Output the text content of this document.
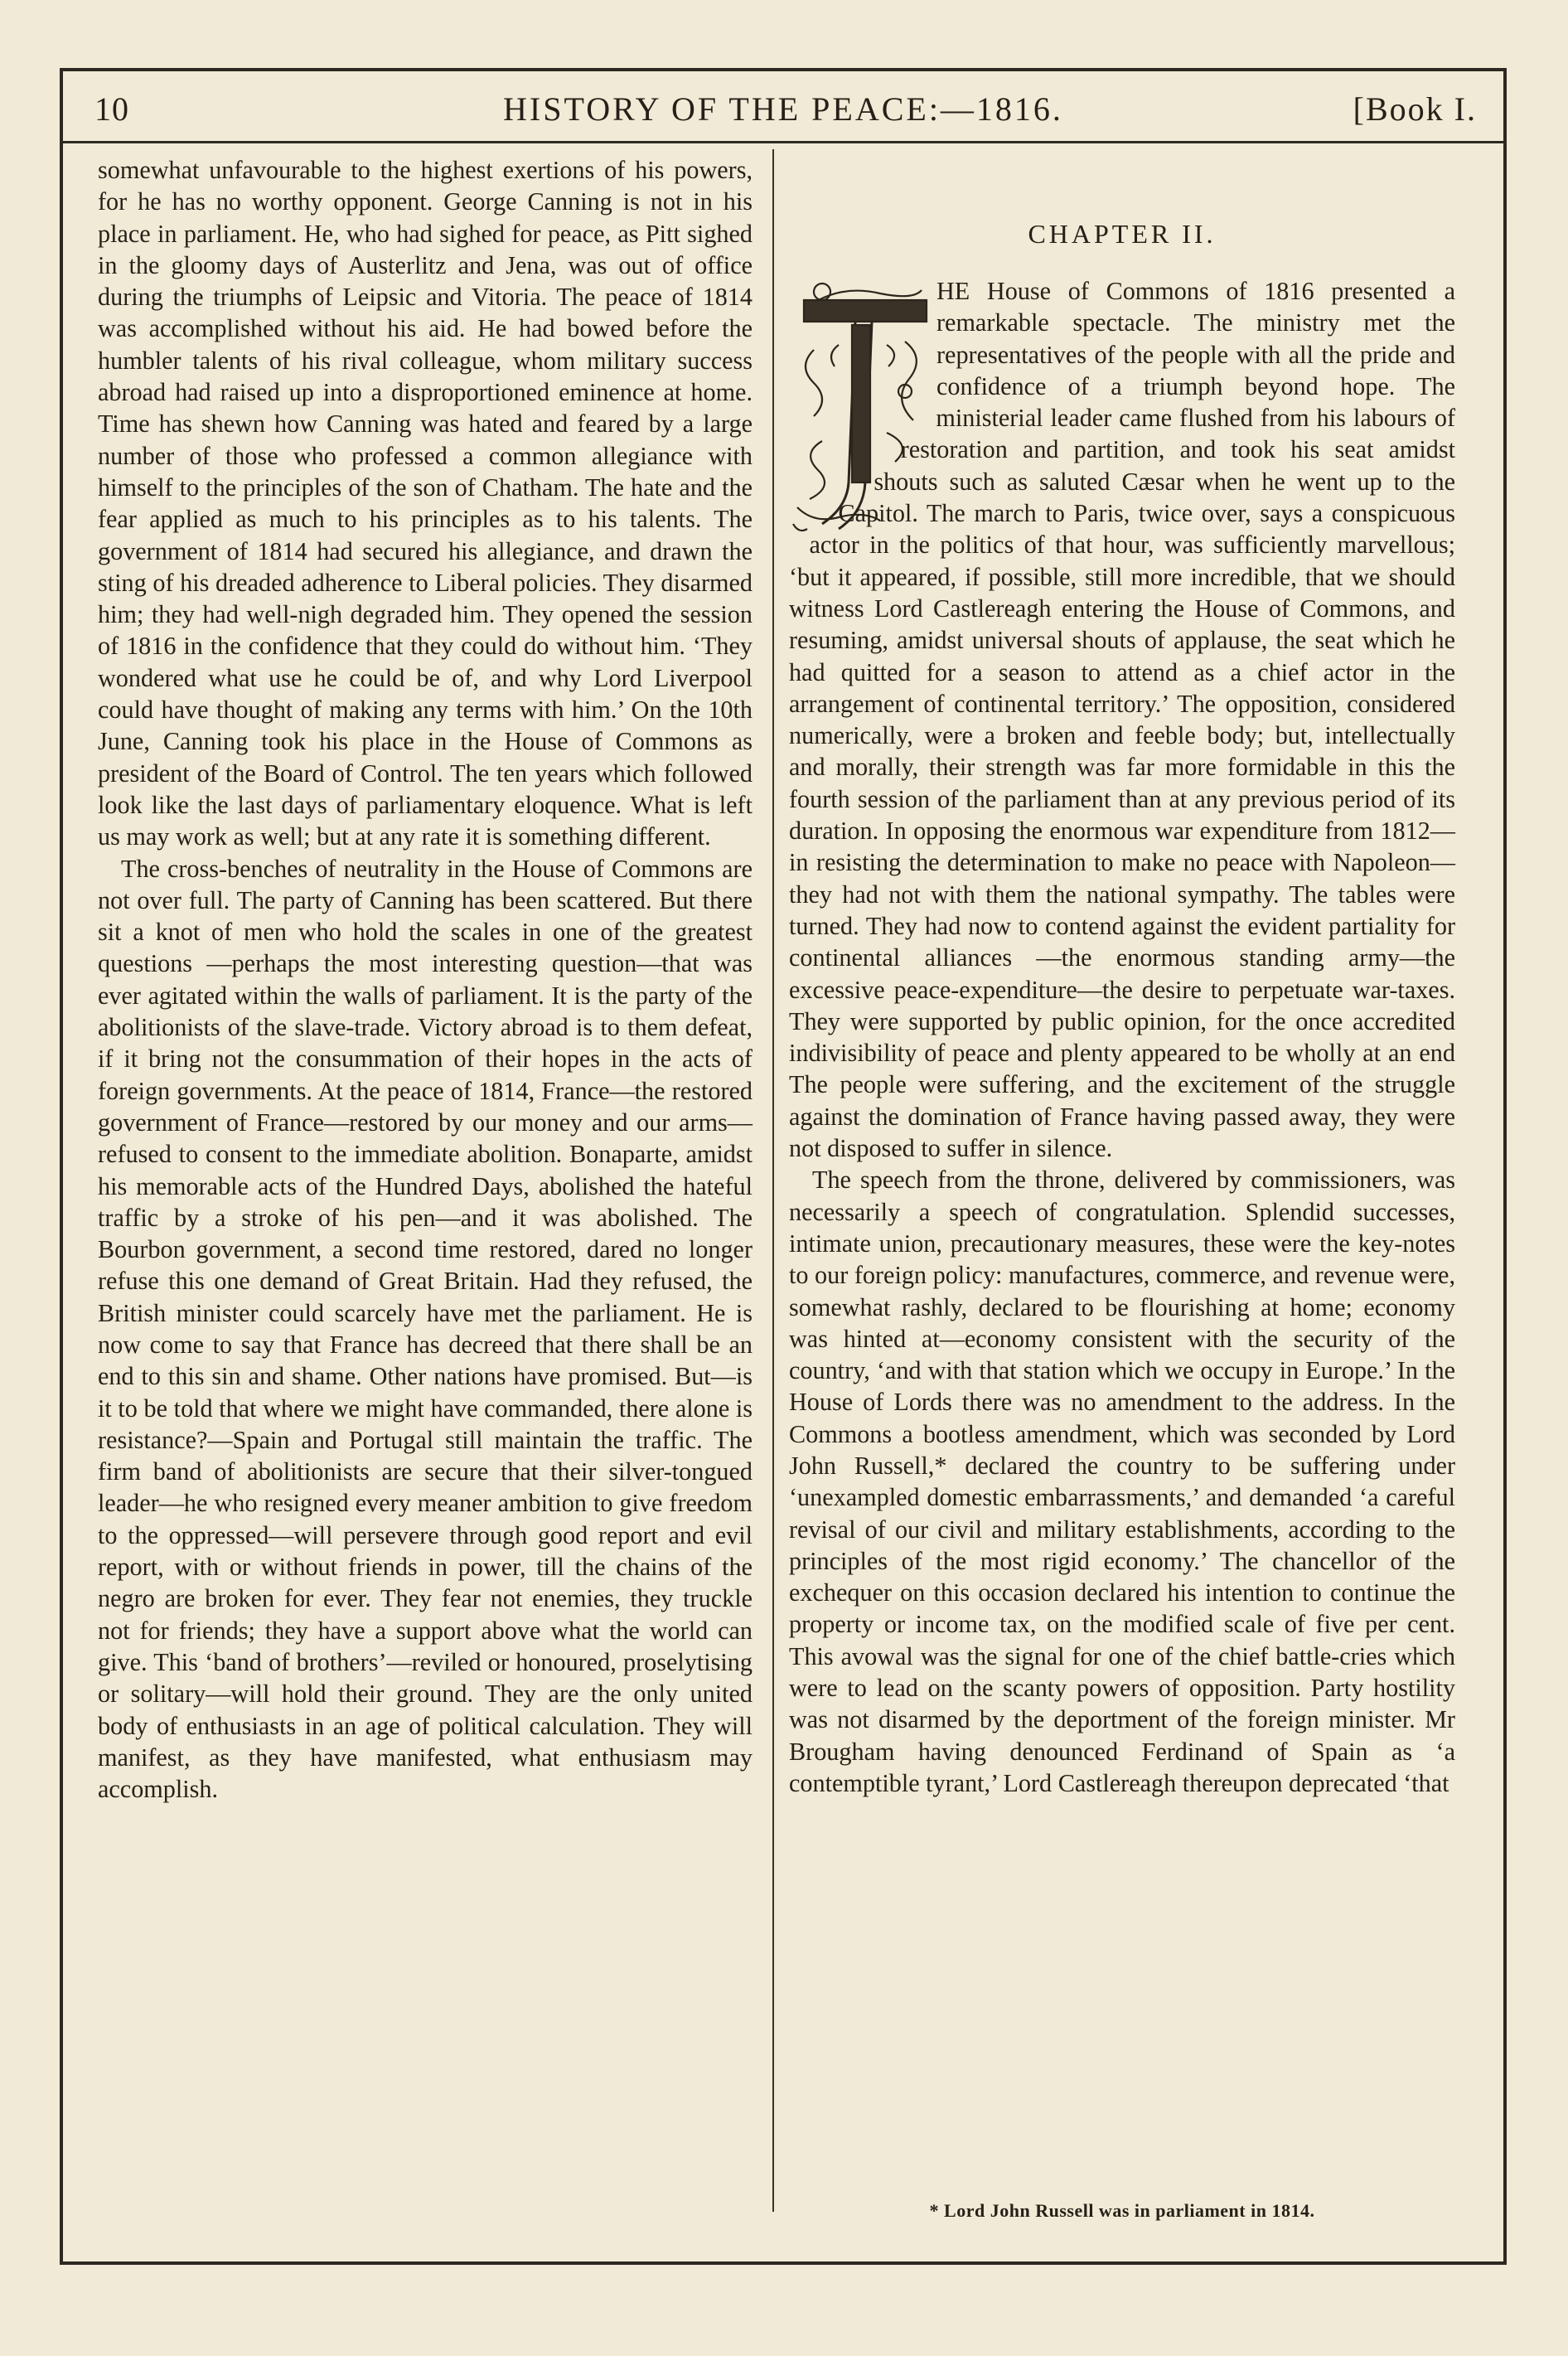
10	HISTORY OF THE PEACE:—1816.	[Book I.

somewhat unfavourable to the highest exertions of his powers, for he has no worthy opponent. George Canning is not in his place in parliament. He, who had sighed for peace, as Pitt sighed in the gloomy days of Austerlitz and Jena, was out of office during the triumphs of Leipsic and Vitoria. The peace of 1814 was accomplished without his aid. He had bowed before the humbler talents of his rival colleague, whom military success abroad had raised up into a disproportioned eminence at home. Time has shewn how Canning was hated and feared by a large number of those who professed a common allegiance with himself to the principles of the son of Chatham. The hate and the fear applied as much to his principles as to his talents. The government of 1814 had secured his allegiance, and drawn the sting of his dreaded adherence to Liberal policies. They disarmed him; they had well-nigh degraded him. They opened the session of 1816 in the confidence that they could do without him. ‘They wondered what use he could be of, and why Lord Liverpool could have thought of making any terms with him.’ On the 10th June, Canning took his place in the House of Commons as president of the Board of Control. The ten years which followed look like the last days of parliamentary eloquence. What is left us may work as well; but at any rate it is something different.

The cross-benches of neutrality in the House of Commons are not over full. The party of Canning has been scattered. But there sit a knot of men who hold the scales in one of the greatest questions —perhaps the most interesting question—that was ever agitated within the walls of parliament. It is the party of the abolitionists of the slave-trade. Victory abroad is to them defeat, if it bring not the consummation of their hopes in the acts of foreign governments. At the peace of 1814, France—the restored government of France—restored by our money and our arms—refused to consent to the immediate abolition. Bonaparte, amidst his memorable acts of the Hundred Days, abolished the hateful traffic by a stroke of his pen—and it was abolished. The Bourbon government, a second time restored, dared no longer refuse this one demand of Great Britain. Had they refused, the British minister could scarcely have met the parliament. He is now come to say that France has decreed that there shall be an end to this sin and shame. Other nations have promised. But—is it to be told that where we might have commanded, there alone is resistance?—Spain and Portugal still maintain the traffic. The firm band of abolitionists are secure that their silver-tongued leader—he who resigned every meaner ambition to give freedom to the oppressed—will persevere through good report and evil report, with or without friends in power, till the chains of the negro are broken for ever. They fear not enemies, they truckle not for friends; they have a support above what the world can give. This ‘band of brothers’—reviled or honoured, proselytising or solitary—will hold their ground. They are the only united body of enthusiasts in an age of political calculation. They will manifest, as they have manifested, what enthusiasm may accomplish.

CHAPTER II.

HE House of Commons of 1816 presented a remarkable spectacle. The ministry met the representatives of the people with all the pride and confidence of a triumph beyond hope. The ministerial leader came flushed from his labours of restoration and partition, and took his seat amidst shouts such as saluted Cæsar when he went up to the Capitol. The march to Paris, twice over, says a conspicuous actor in the politics of that hour, was sufficiently marvellous; ‘but it appeared, if possible, still more incredible, that we should witness Lord Castlereagh entering the House of Commons, and resuming, amidst universal shouts of applause, the seat which he had quitted for a season to attend as a chief actor in the arrangement of continental territory.’ The opposition, considered numerically, were a broken and feeble body; but, intellectually and morally, their strength was far more formidable in this the fourth session of the parliament than at any previous period of its duration. In opposing the enormous war expenditure from 1812—in resisting the determination to make no peace with Napoleon—they had not with them the national sympathy. The tables were turned. They had now to contend against the evident partiality for continental alliances —the enormous standing army—the excessive peace-expenditure—the desire to perpetuate war-taxes. They were supported by public opinion, for the once accredited indivisibility of peace and plenty appeared to be wholly at an end The people were suffering, and the excitement of the struggle against the domination of France having passed away, they were not disposed to suffer in silence.

The speech from the throne, delivered by commissioners, was necessarily a speech of congratulation. Splendid successes, intimate union, precautionary measures, these were the key-notes to our foreign policy: manufactures, commerce, and revenue were, somewhat rashly, declared to be flourishing at home; economy was hinted at—economy consistent with the security of the country, ‘and with that station which we occupy in Europe.’ In the House of Lords there was no amendment to the address. In the Commons a bootless amendment, which was seconded by Lord John Russell,* declared the country to be suffering under ‘unexampled domestic embarrassments,’ and demanded ‘a careful revisal of our civil and military establishments, according to the principles of the most rigid economy.’ The chancellor of the exchequer on this occasion declared his intention to continue the property or income tax, on the modified scale of five per cent. This avowal was the signal for one of the chief battle-cries which were to lead on the scanty powers of opposition. Party hostility was not disarmed by the deportment of the foreign minister. Mr Brougham having denounced Ferdinand of Spain as ‘a contemptible tyrant,’ Lord Castlereagh thereupon deprecated ‘that

* Lord John Russell was in parliament in 1814.
